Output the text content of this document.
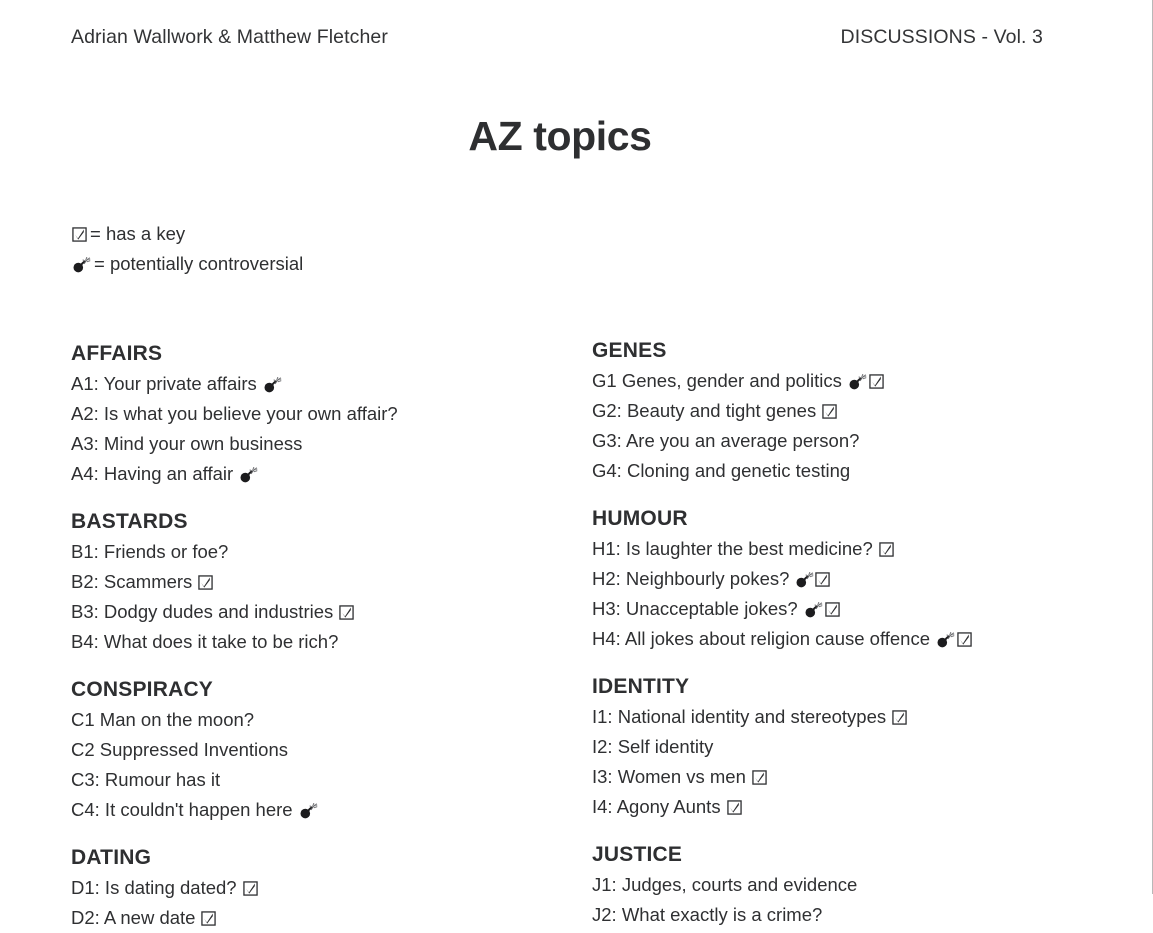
Adrian Wallwork & Matthew Fletcher	DISCUSSIONS - Vol. 3
AZ topics
= has a key
= potentially controversial
AFFAIRS
A1: Your private affairs
A2: Is what you believe your own affair?
A3: Mind your own business
A4: Having an affair
BASTARDS
B1: Friends or foe?
B2: Scammers
B3: Dodgy dudes and industries
B4: What does it take to be rich?
CONSPIRACY
C1 Man on the moon?
C2 Suppressed Inventions
C3: Rumour has it
C4: It couldn't happen here
DATING
D1: Is dating dated?
D2: A new date
GENES
G1 Genes, gender and politics
G2: Beauty and tight genes
G3: Are you an average person?
G4: Cloning and genetic testing
HUMOUR
H1: Is laughter the best medicine?
H2: Neighbourly pokes?
H3: Unacceptable jokes?
H4: All jokes about religion cause offence
IDENTITY
I1: National identity and stereotypes
I2: Self identity
I3: Women vs men
I4: Agony Aunts
JUSTICE
J1: Judges, courts and evidence
J2: What exactly is a crime?
